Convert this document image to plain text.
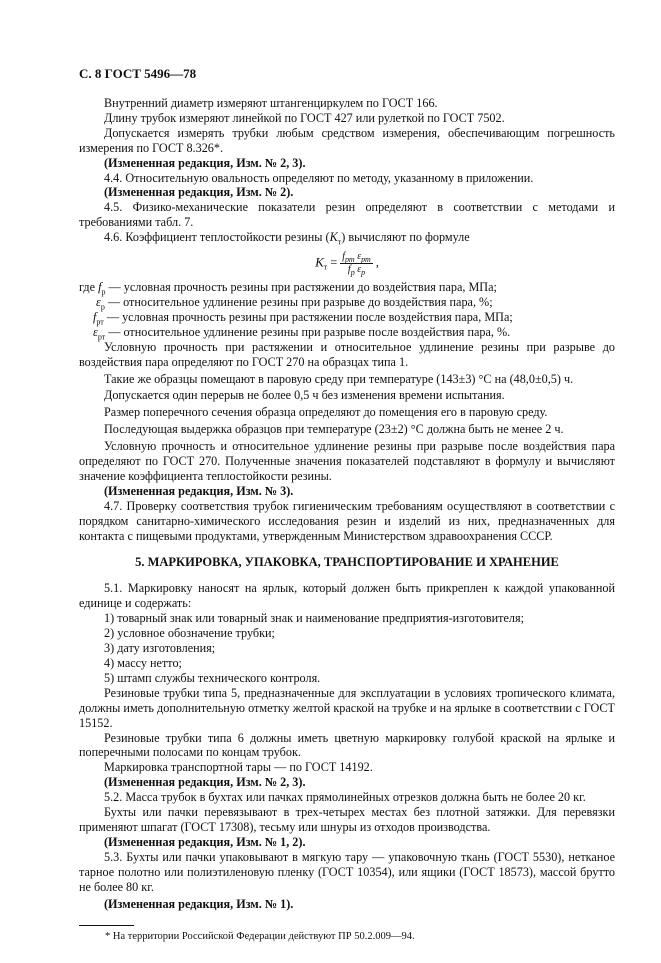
С. 8 ГОСТ 5496—78

Внутренний диаметр измеряют штангенциркулем по ГОСТ 166.

Длину трубок измеряют линейкой по ГОСТ 427 или рулеткой по ГОСТ 7502.

Допускается измерять трубки любым средством измерения, обеспечивающим погрешность измерения по ГОСТ 8.326*.

(Измененная редакция, Изм. № 2, 3).

4.4. Относительную овальность определяют по методу, указанному в приложении.

(Измененная редакция, Изм. № 2).

4.5. Физико-механические показатели резин определяют в соответствии с методами и требованиями табл. 7.

4.6. Коэффициент теплостойкости резины $(K_т)$ вычисляют по формуле

$K_т = \frac{f_{рт} \varepsilon_{рт}}{f_р \varepsilon_р}$ ,

где $f_р$ — условная прочность резины при растяжении до воздействия пара, МПа;

$\varepsilon_р$ — относительное удлинение резины при разрыве до воздействия пара, %;

$f_{рт}$ — условная прочность резины при растяжении после воздействия пара, МПа;

$\varepsilon_{рт}$ — относительное удлинение резины при разрыве после воздействия пара, %.

Условную прочность при растяжении и относительное удлинение резины при разрыве до воздействия пара определяют по ГОСТ 270 на образцах типа 1.

Такие же образцы помещают в паровую среду при температуре (143±3) °С на (48,0±0,5) ч.

Допускается один перерыв не более 0,5 ч без изменения времени испытания.

Размер поперечного сечения образца определяют до помещения его в паровую среду.

Последующая выдержка образцов при температуре (23±2) °С должна быть не менее 2 ч.

Условную прочность и относительное удлинение резины при разрыве после воздействия пара определяют по ГОСТ 270. Полученные значения показателей подставляют в формулу и вычисляют значение коэффициента теплостойкости резины.

(Измененная редакция, Изм. № 3).

4.7. Проверку соответствия трубок гигиеническим требованиям осуществляют в соответствии с порядком санитарно-химического исследования резин и изделий из них, предназначенных для контакта с пищевыми продуктами, утвержденным Министерством здравоохранения СССР.

5. МАРКИРОВКА, УПАКОВКА, ТРАНСПОРТИРОВАНИЕ И ХРАНЕНИЕ

5.1. Маркировку наносят на ярлык, который должен быть прикреплен к каждой упакованной единице и содержать:

1) товарный знак или товарный знак и наименование предприятия-изготовителя;

2) условное обозначение трубки;

3) дату изготовления;

4) массу нетто;

5) штамп службы технического контроля.

Резиновые трубки типа 5, предназначенные для эксплуатации в условиях тропического климата, должны иметь дополнительную отметку желтой краской на трубке и на ярлыке в соответствии с ГОСТ 15152.

Резиновые трубки типа 6 должны иметь цветную маркировку голубой краской на ярлыке и поперечными полосами по концам трубок.

Маркировка транспортной тары — по ГОСТ 14192.

(Измененная редакция, Изм. № 2, 3).

5.2. Масса трубок в бухтах или пачках прямолинейных отрезков должна быть не более 20 кг.

Бухты или пачки перевязывают в трех-четырех местах без плотной затяжки. Для перевязки применяют шпагат (ГОСТ 17308), тесьму или шнуры из отходов производства.

(Измененная редакция, Изм. № 1, 2).

5.3. Бухты или пачки упаковывают в мягкую тару — упаковочную ткань (ГОСТ 5530), нетканое тарное полотно или полиэтиленовую пленку (ГОСТ 10354), или ящики (ГОСТ 18573), массой брутто не более 80 кг.

(Измененная редакция, Изм. № 1).

* На территории Российской Федерации действуют ПР 50.2.009—94.
